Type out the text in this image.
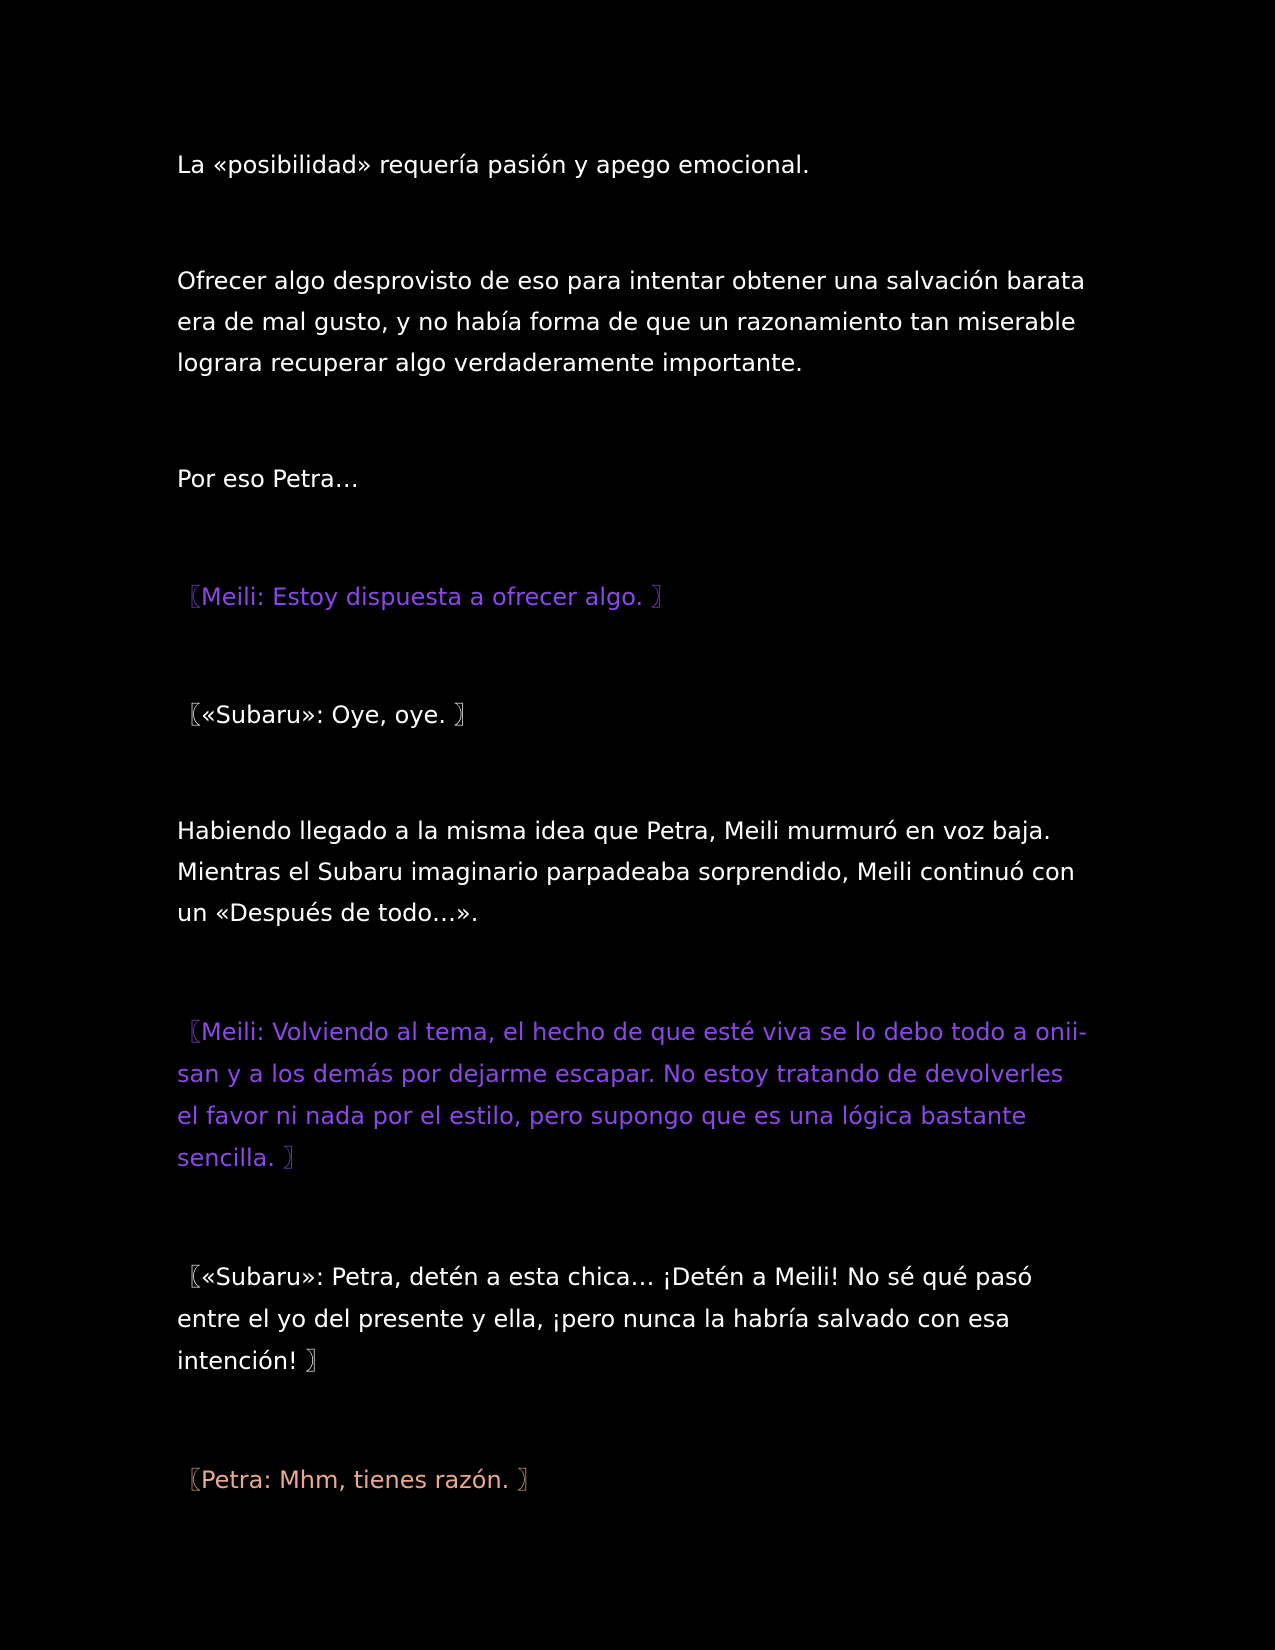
La «posibilidad» requería pasión y apego emocional.

Ofrecer algo desprovisto de eso para intentar obtener una salvación barata era de mal gusto, y no había forma de que un razonamiento tan miserable lograra recuperar algo verdaderamente importante.

Por eso Petra…

〖Meili: Estoy dispuesta a ofrecer algo. 〗

〖«Subaru»: Oye, oye. 〗

Habiendo llegado a la misma idea que Petra, Meili murmuró en voz baja. Mientras el Subaru imaginario parpadeaba sorprendido, Meili continuó con un «Después de todo…».

〖Meili: Volviendo al tema, el hecho de que esté viva se lo debo todo a onii-san y a los demás por dejarme escapar. No estoy tratando de devolverles el favor ni nada por el estilo, pero supongo que es una lógica bastante sencilla. 〗

〖«Subaru»: Petra, detén a esta chica… ¡Detén a Meili! No sé qué pasó entre el yo del presente y ella, ¡pero nunca la habría salvado con esa intención! 〗

〖Petra: Mhm, tienes razón. 〗
